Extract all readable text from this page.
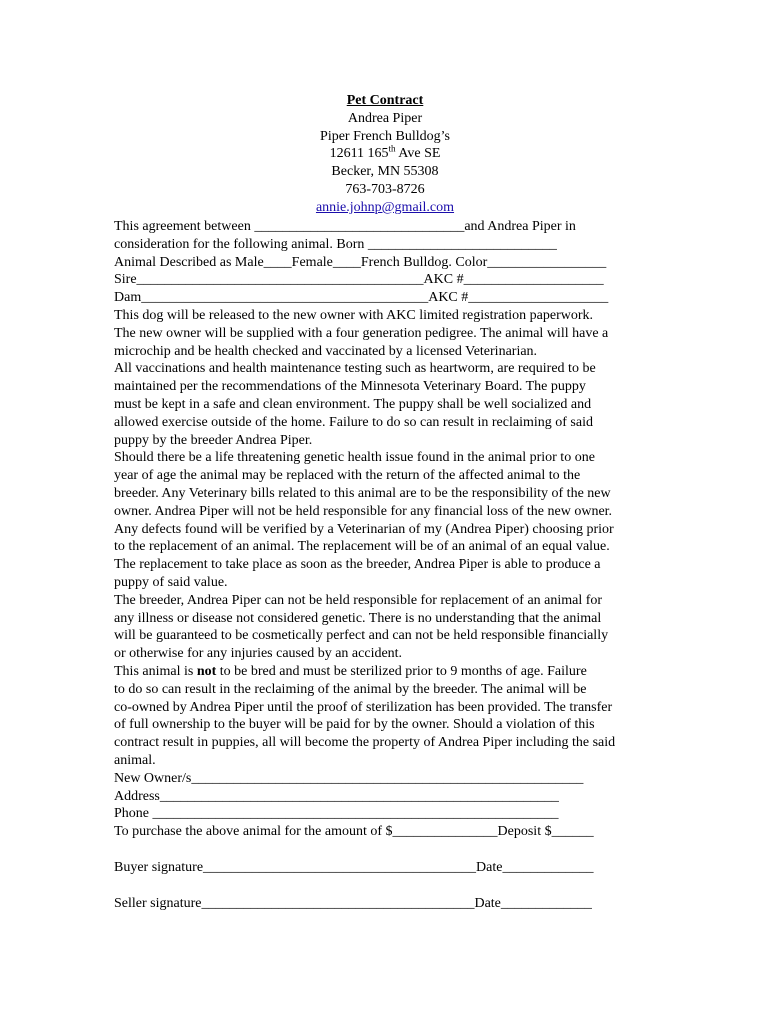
Pet Contract
Andrea Piper
Piper French Bulldog’s
12611 165th Ave SE
Becker, MN 55308
763-703-8726
annie.johnp@gmail.com
This agreement between ______________________________and Andrea Piper in
consideration for the following animal. Born ___________________________
Animal Described as Male____Female____French Bulldog. Color_________________
Sire_________________________________________AKC #____________________
Dam_________________________________________AKC #____________________
This dog will be released to the new owner with AKC limited registration paperwork.
The new owner will be supplied with a four generation pedigree. The animal will have a
microchip and be health checked and vaccinated by a licensed Veterinarian.
All vaccinations and health maintenance testing such as heartworm, are required to be
maintained per the recommendations of the Minnesota Veterinary Board. The puppy
must be kept in a safe and clean environment. The puppy shall be well socialized and
allowed exercise outside of the home. Failure to do so can result in reclaiming of said
puppy by the breeder Andrea Piper.
Should there be a life threatening genetic health issue found in the animal prior to one
year of age the animal may be replaced with the return of the affected animal to the
breeder. Any Veterinary bills related to this animal are to be the responsibility of the new
owner. Andrea Piper will not be held responsible for any financial loss of the new owner.
Any defects found will be verified by a Veterinarian of my (Andrea Piper) choosing prior
to the replacement of an animal. The replacement will be of an animal of an equal value.
The replacement to take place as soon as the breeder, Andrea Piper is able to produce a
puppy of said value.
The breeder, Andrea Piper can not be held responsible for replacement of an animal for
any illness or disease not considered genetic. There is no understanding that the animal
will be guaranteed to be cosmetically perfect and can not be held responsible financially
or otherwise for any injuries caused by an accident.
This animal is not to be bred and must be sterilized prior to 9 months of age. Failure
to do so can result in the reclaiming of the animal by the breeder. The animal will be
co-owned by Andrea Piper until the proof of sterilization has been provided. The transfer
of full ownership to the buyer will be paid for by the owner. Should a violation of this
contract result in puppies, all will become the property of Andrea Piper including the said
animal.
New Owner/s________________________________________________________
Address_________________________________________________________
Phone __________________________________________________________
To purchase the above animal for the amount of $_______________Deposit $______
Buyer signature_______________________________________Date_____________
Seller signature_______________________________________Date_____________
